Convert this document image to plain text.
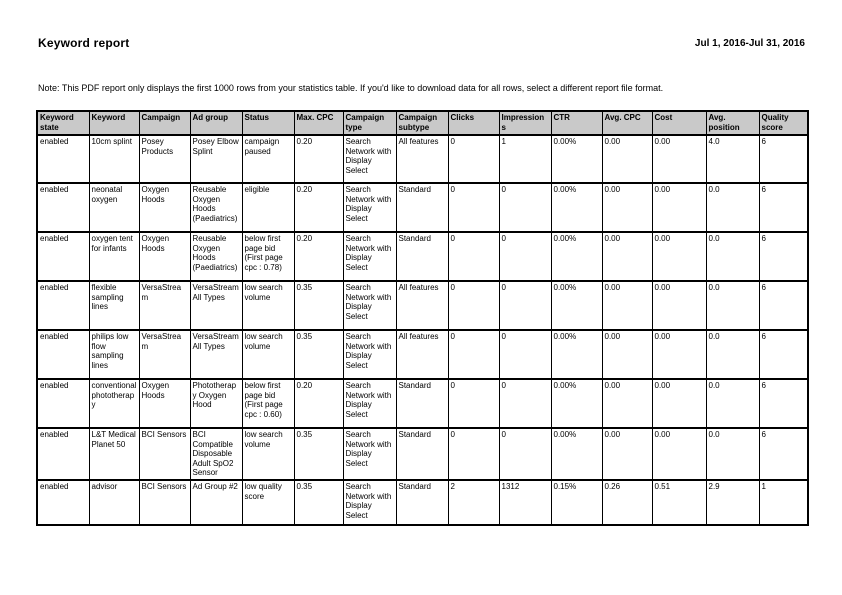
Keyword report	Jul 1, 2016-Jul 31, 2016
Note: This PDF report only displays the first 1000 rows from your statistics table. If you'd like to download data for all rows, select a different report file format.
Keyword state	Keyword	Campaign	Ad group	Status	Max. CPC	Campaign type	Campaign subtype	Clicks	Impressions	CTR	Avg. CPC	Cost	Avg. position	Quality score
enabled	10cm splint	Posey Products	Posey Elbow Splint	campaign paused	0.20	Search Network with Display Select	All features	0	1	0.00%	0.00	0.00	4.0	6
enabled	neonatal oxygen	Oxygen Hoods	Reusable Oxygen Hoods (Paediatrics)	eligible	0.20	Search Network with Display Select	Standard	0	0	0.00%	0.00	0.00	0.0	6
enabled	oxygen tent for infants	Oxygen Hoods	Reusable Oxygen Hoods (Paediatrics)	below first page bid (First page cpc : 0.78)	0.20	Search Network with Display Select	Standard	0	0	0.00%	0.00	0.00	0.0	6
enabled	flexible sampling lines	VersaStream	VersaStream All Types	low search volume	0.35	Search Network with Display Select	All features	0	0	0.00%	0.00	0.00	0.0	6
enabled	philips low flow sampling lines	VersaStream	VersaStream All Types	low search volume	0.35	Search Network with Display Select	All features	0	0	0.00%	0.00	0.00	0.0	6
enabled	conventional phototherapy	Oxygen Hoods	Phototherapy Oxygen Hood	below first page bid (First page cpc : 0.60)	0.20	Search Network with Display Select	Standard	0	0	0.00%	0.00	0.00	0.0	6
enabled	L&T Medical Planet 50	BCI Sensors	BCI Compatible Disposable Adult SpO2 Sensor	low search volume	0.35	Search Network with Display Select	Standard	0	0	0.00%	0.00	0.00	0.0	6
enabled	advisor	BCI Sensors	Ad Group #2	low quality score	0.35	Search Network with Display Select	Standard	2	1312	0.15%	0.26	0.51	2.9	1
